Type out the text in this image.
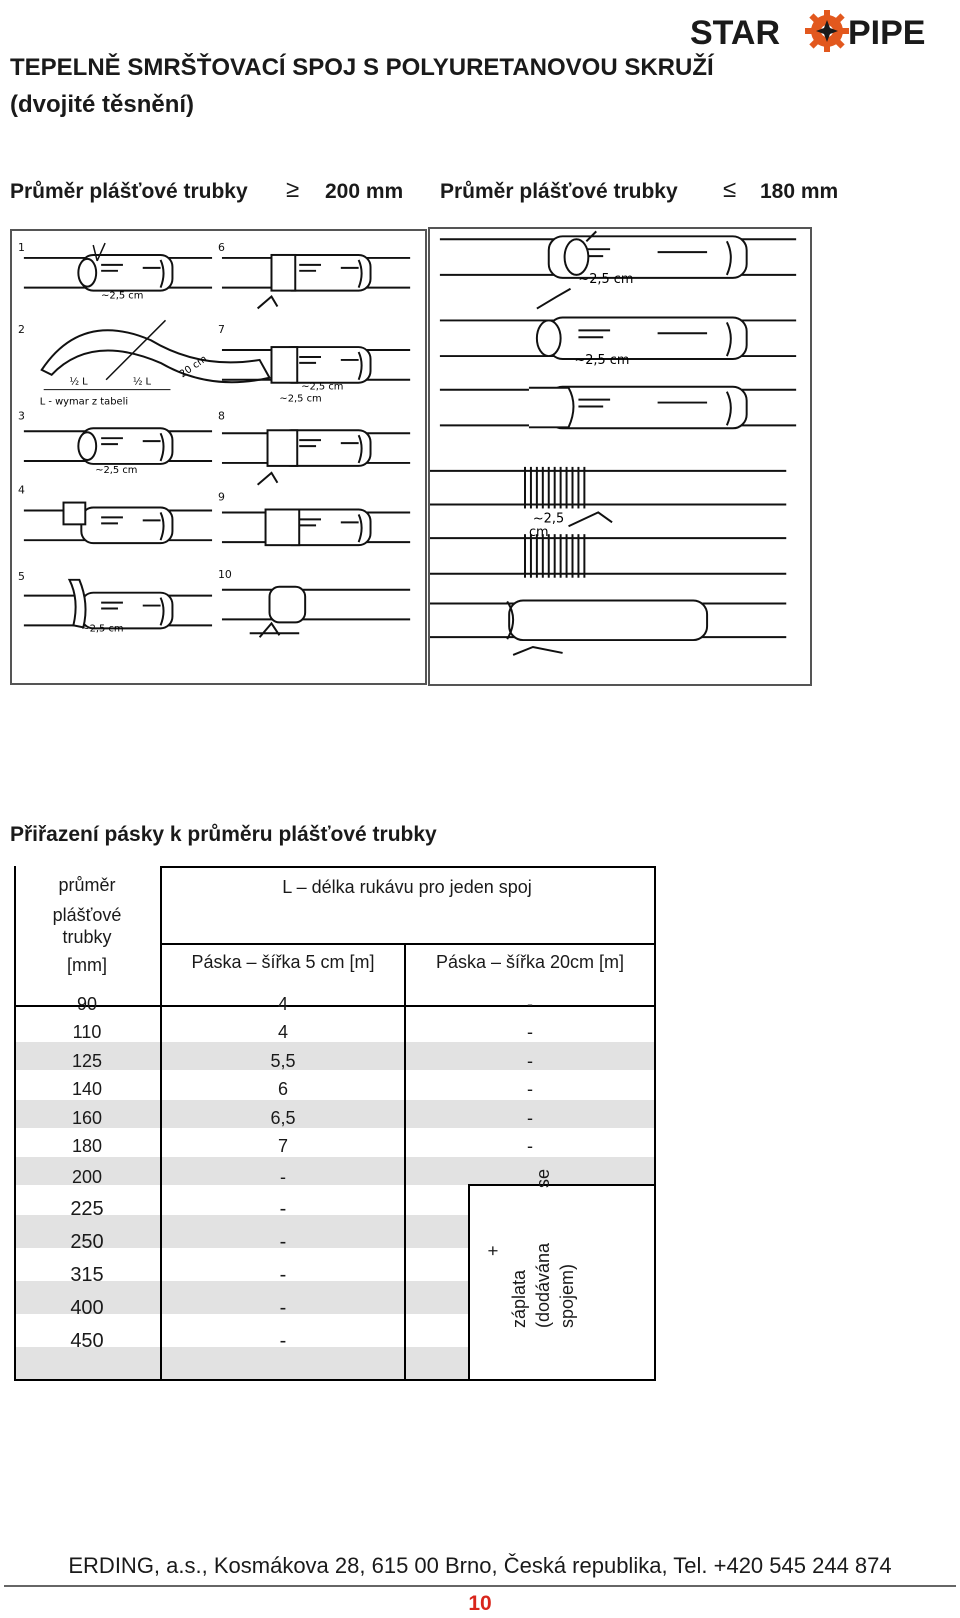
STAR PIPE
TEPELNĚ SMRŠŤOVACÍ SPOJ S POLYURETANOVOU SKRUŽÍ
(dvojité těsnění)
Průměr plášťové trubky ≥	200 mm Průměr plášťové trubky ≤	180 mm
1
2
3
4
5
6
7
8
9
10
~2,5 cm
½ L	½ L
20 cm
L - wymar z tabeli
~2,5 cm
~2,5 cm
~2,5 cm
~2,5 cm
~2,5 cm
~2,5 cm
~2,5
cm
Přiřazení pásky k průměru plášťové trubky
průměr
plášťové
trubky
[mm]
L – délka rukávu pro jeden spoj
Páska – šířka 5 cm [m]	Páska – šířka 20cm [m]
90	4	-
110	4	-
125	5,5	-
140	6	-
160	6,5	-
180	7	-
200	-
225	-
250	-
315	-
400	-
450	-
+
záplata (dodávána spojem)
se
ERDING, a.s., Kosmákova 28, 615 00 Brno, Česká republika, Tel. +420 545 244 874
10
